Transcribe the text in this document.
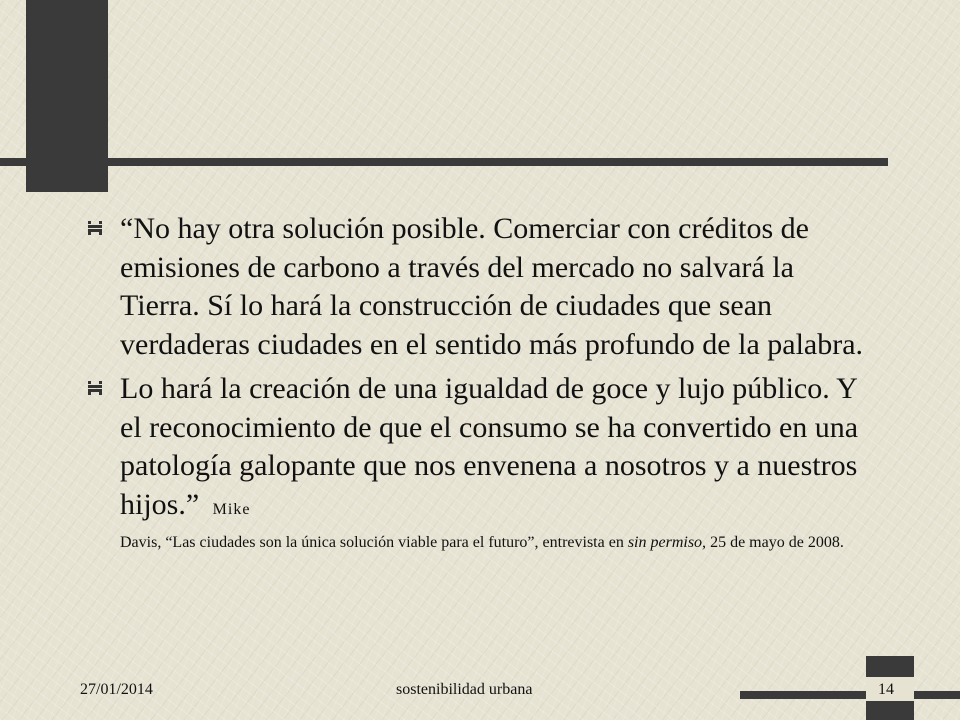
“No hay otra solución posible. Comerciar con créditos de emisiones de carbono a través del mercado no salvará la Tierra. Sí lo hará la construcción de ciudades que sean verdaderas ciudades en el sentido más profundo de la palabra.
Lo hará la creación de una igualdad de goce y lujo público. Y el reconocimiento de que el consumo se ha convertido en una patología galopante que nos envenena a nosotros y a nuestros hijos.” Mike
Davis, “Las ciudades son la única solución viable para el futuro”, entrevista en sin permiso, 25 de mayo de 2008.
27/01/2014	sostenibilidad urbana	14
